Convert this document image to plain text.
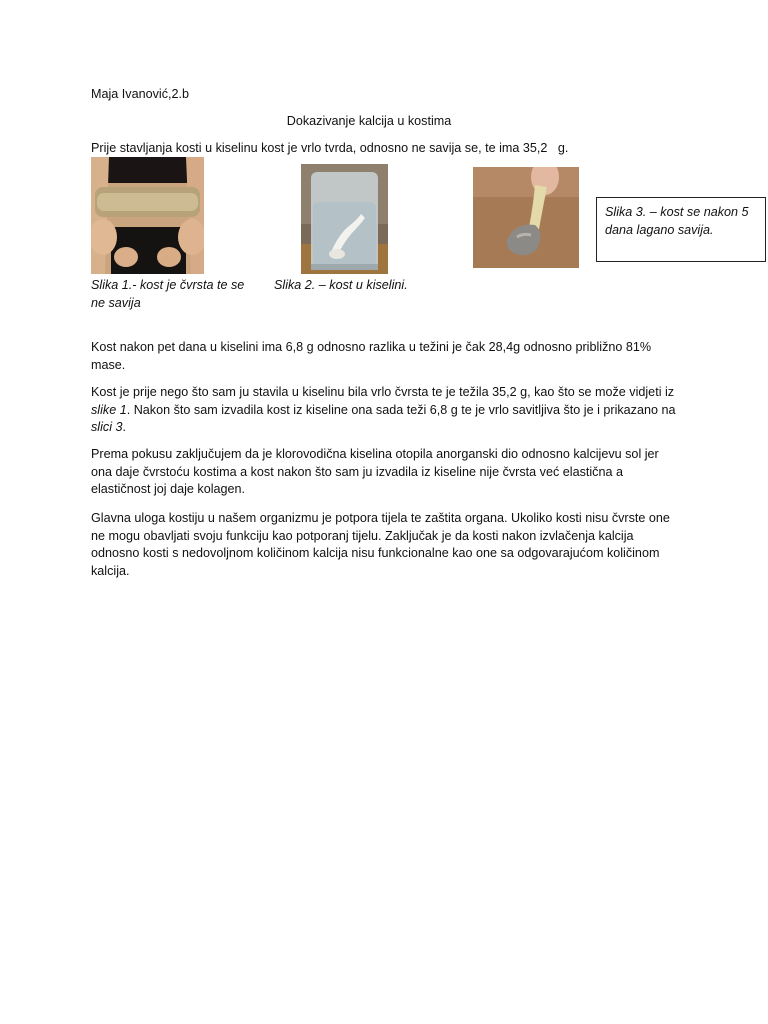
Maja Ivanović,2.b
Dokazivanje kalcija u kostima
Prije stavljanja kosti u kiselinu kost je vrlo tvrda, odnosno ne savija se, te ima 35,2   g.
Slika 3. – kost se nakon 5 dana lagano savija.
Slika 1.- kost je čvrsta te se ne savija
Slika 2. – kost u kiselini.
Kost nakon pet dana u kiselini ima 6,8 g odnosno razlika u težini je čak 28,4g odnosno približno 81% mase.
Kost je prije nego što sam ju stavila u kiselinu bila vrlo čvrsta te je težila 35,2 g, kao što se može vidjeti iz slike 1. Nakon što sam izvadila kost iz kiseline ona sada teži 6,8 g te je vrlo savitljiva što je i prikazano na slici 3.
Prema pokusu zaključujem da je klorovodična kiselina otopila anorganski dio odnosno kalcijevu sol jer ona daje čvrstoću kostima a kost nakon što sam ju izvadila iz kiseline nije čvrsta već elastična a elastičnost joj daje kolagen.
Glavna uloga kostiju u našem organizmu je potpora tijela te zaštita organa. Ukoliko kosti nisu čvrste one ne mogu obavljati svoju funkciju kao potporanj tijelu. Zaključak je da kosti nakon izvlačenja kalcija odnosno kosti s nedovoljnom količinom kalcija nisu funkcionalne kao one sa odgovarajućom količinom kalcija.
